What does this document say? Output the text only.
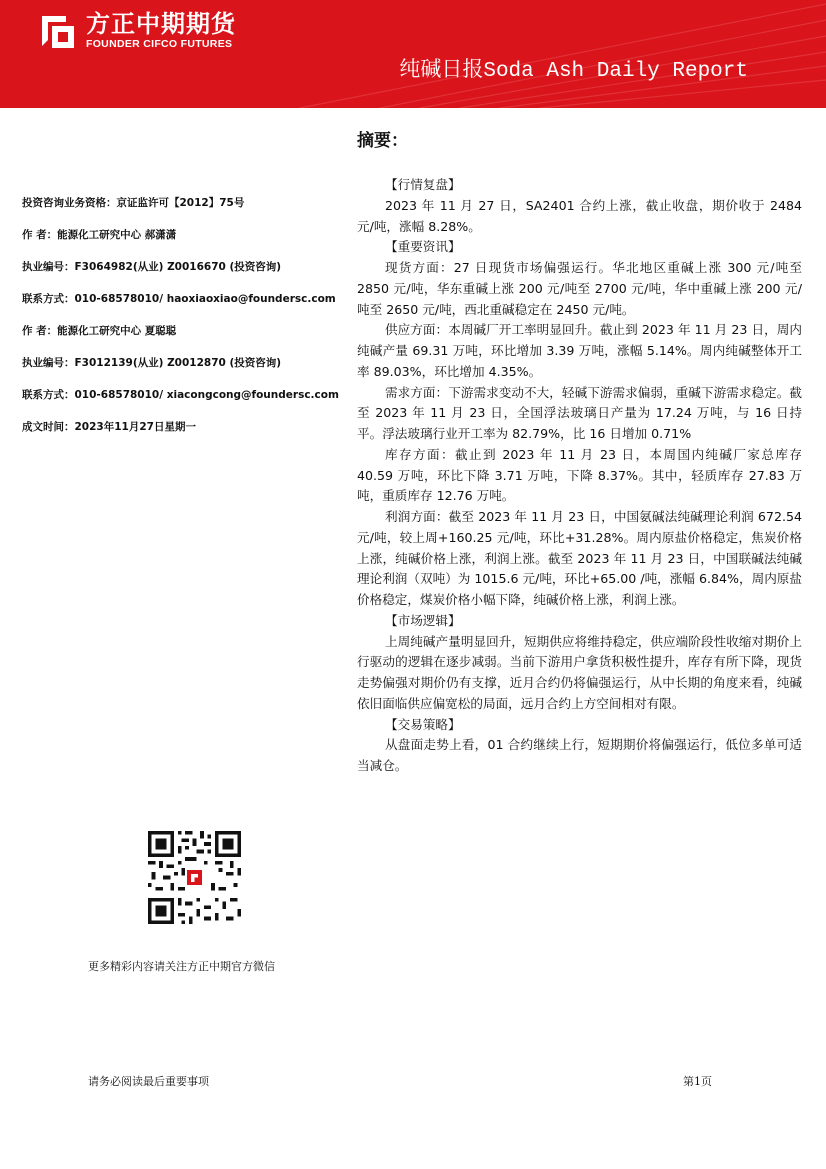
方正中期期货
FOUNDER CIFCO FUTURES
纯碱日报Soda Ash Daily Report
投资咨询业务资格：京证监许可【2012】75号
作 者：能源化工研究中心 郝潇潇
执业编号：F3064982(从业) Z0016670 (投资咨询)
联系方式：010-68578010/ haoxiaoxiao@foundersc.com
作 者：能源化工研究中心 夏聪聪
执业编号：F3012139(从业) Z0012870 (投资咨询)
联系方式：010-68578010/ xiacongcong@foundersc.com
成文时间：2023年11月27日星期一
更多精彩内容请关注方正中期官方微信
摘要：
【行情复盘】

2023 年 11 月 27 日，SA2401 合约上涨，截止收盘，期价收于 2484 元/吨，涨幅 8.28%。

【重要资讯】

现货方面：27 日现货市场偏强运行。华北地区重碱上涨 300 元/吨至 2850 元/吨，华东重碱上涨 200 元/吨至 2700 元/吨，华中重碱上涨 200 元/吨至 2650 元/吨，西北重碱稳定在 2450 元/吨。

供应方面：本周碱厂开工率明显回升。截止到 2023 年 11 月 23 日，周内纯碱产量 69.31 万吨，环比增加 3.39 万吨，涨幅 5.14%。周内纯碱整体开工率 89.03%，环比增加 4.35%。

需求方面：下游需求变动不大，轻碱下游需求偏弱，重碱下游需求稳定。截至 2023 年 11 月 23 日，全国浮法玻璃日产量为 17.24 万吨，与 16 日持平。浮法玻璃行业开工率为 82.79%，比 16 日增加 0.71%

库存方面：截止到 2023 年 11 月 23 日，本周国内纯碱厂家总库存 40.59 万吨，环比下降 3.71 万吨，下降 8.37%。其中，轻质库存 27.83 万吨，重质库存 12.76 万吨。

利润方面：截至 2023 年 11 月 23 日，中国氨碱法纯碱理论利润 672.54 元/吨，较上周+160.25 元/吨，环比+31.28%。周内原盐价格稳定，焦炭价格上涨，纯碱价格上涨，利润上涨。截至 2023 年 11 月 23 日，中国联碱法纯碱理论利润（双吨）为 1015.6 元/吨，环比+65.00 /吨，涨幅 6.84%，周内原盐价格稳定，煤炭价格小幅下降，纯碱价格上涨，利润上涨。

【市场逻辑】

上周纯碱产量明显回升，短期供应将维持稳定，供应端阶段性收缩对期价上行驱动的逻辑在逐步减弱。当前下游用户拿货积极性提升，库存有所下降，现货走势偏强对期价仍有支撑，近月合约仍将偏强运行，从中长期的角度来看，纯碱依旧面临供应偏宽松的局面，远月合约上方空间相对有限。

【交易策略】

从盘面走势上看，01 合约继续上行，短期期价将偏强运行，低位多单可适当减仓。

请务必阅读最后重要事项	第1页
